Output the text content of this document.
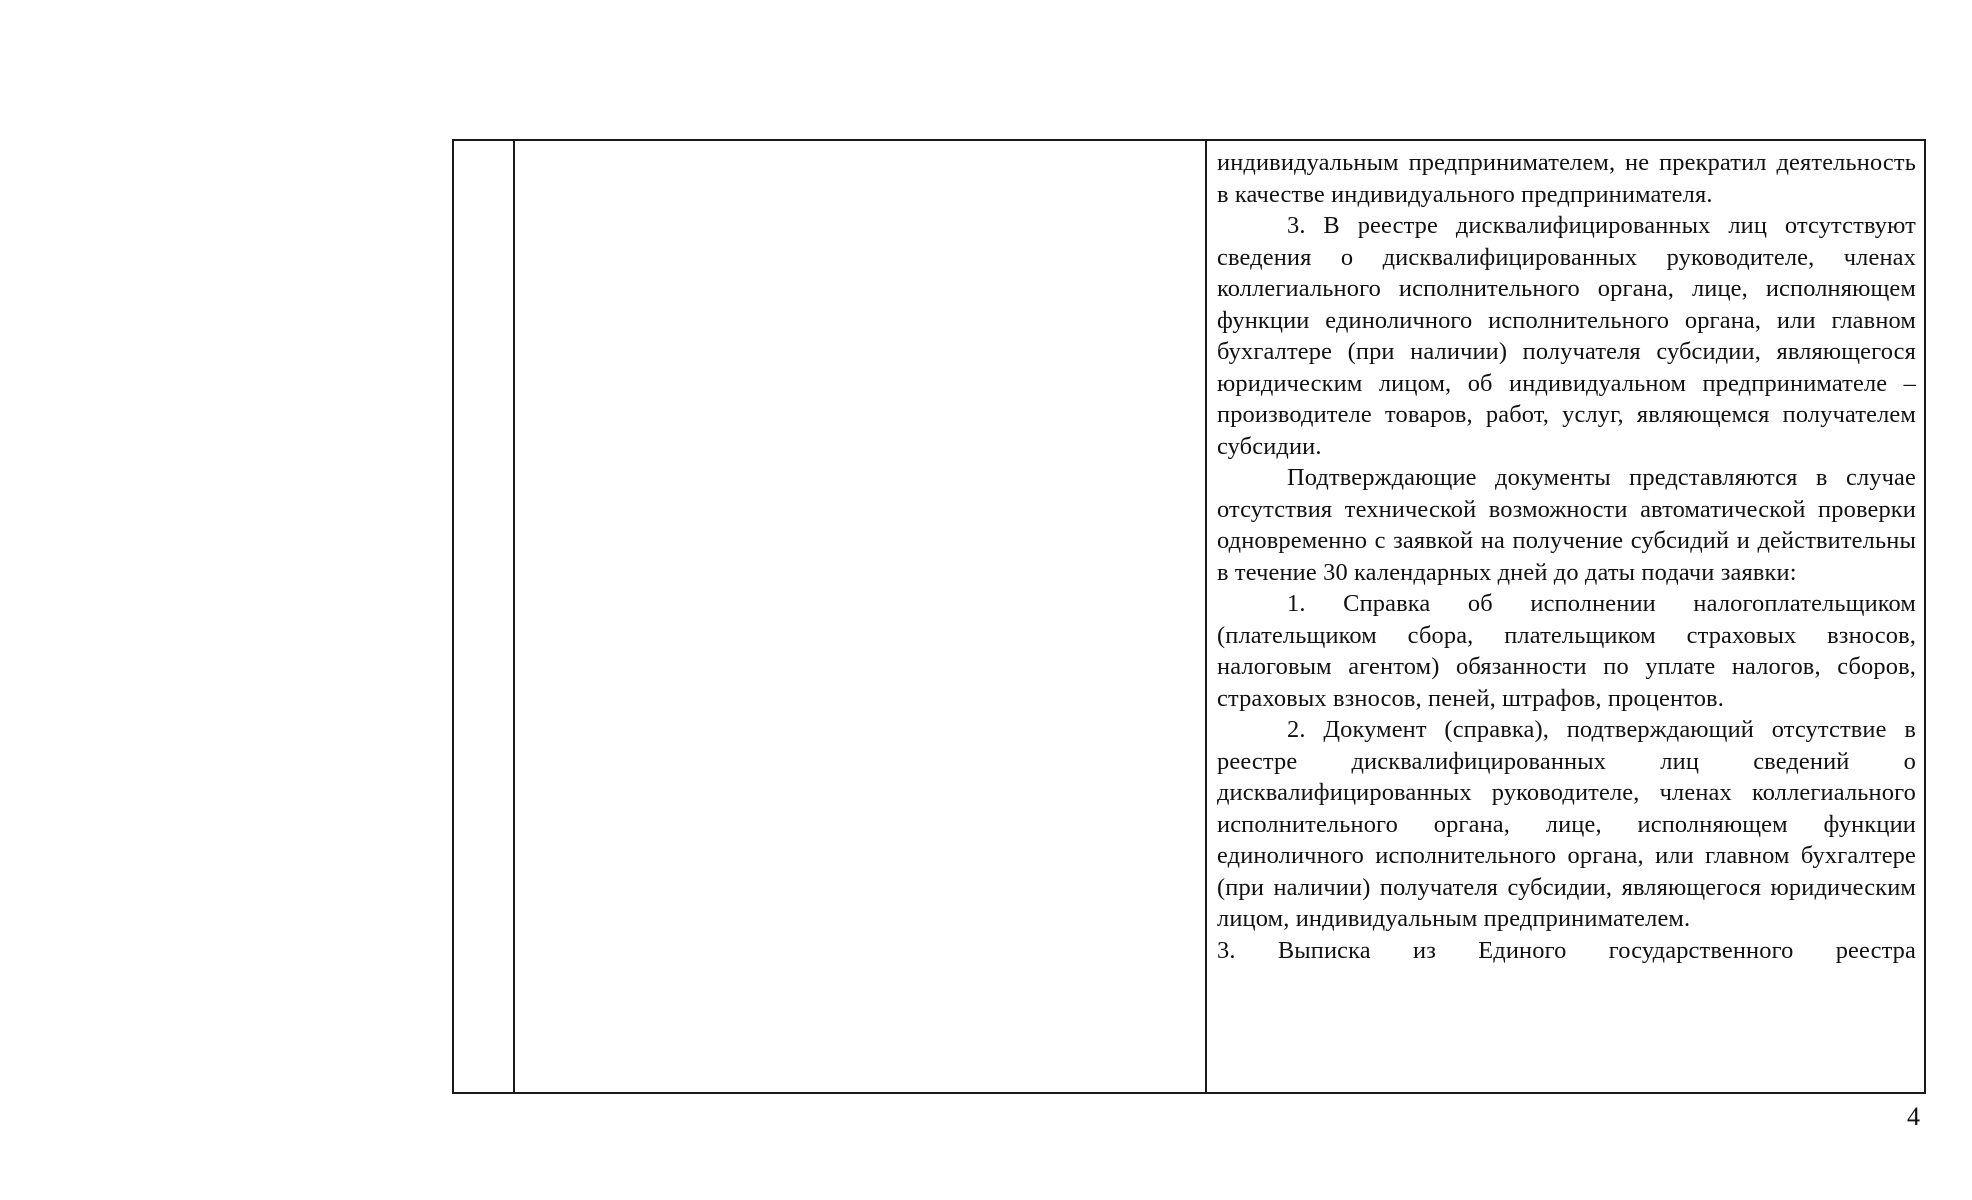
индивидуальным предпринимателем, не прекратил деятельность в качестве индивидуального предпринимателя.

3. В реестре дисквалифицированных лиц отсутствуют сведения о дисквалифицированных руководителе, членах коллегиального исполнительного органа, лице, исполняющем функции единоличного исполнительного органа, или главном бухгалтере (при наличии) получателя субсидии, являющегося юридическим лицом, об индивидуальном предпринимателе – производителе товаров, работ, услуг, являющемся получателем субсидии.

Подтверждающие документы представляются в случае отсутствия технической возможности автоматической проверки одновременно с заявкой на получение субсидий и действительны в течение 30 календарных дней до даты подачи заявки:

1. Справка об исполнении налогоплательщиком (плательщиком сбора, плательщиком страховых взносов, налоговым агентом) обязанности по уплате налогов, сборов, страховых взносов, пеней, штрафов, процентов.

2. Документ (справка), подтверждающий отсутствие в реестре дисквалифицированных лиц сведений о дисквалифицированных руководителе, членах коллегиального исполнительного органа, лице, исполняющем функции единоличного исполнительного органа, или главном бухгалтере (при наличии) получателя субсидии, являющегося юридическим лицом, индивидуальным предпринимателем.

3. Выписка из Единого государственного реестра

4
